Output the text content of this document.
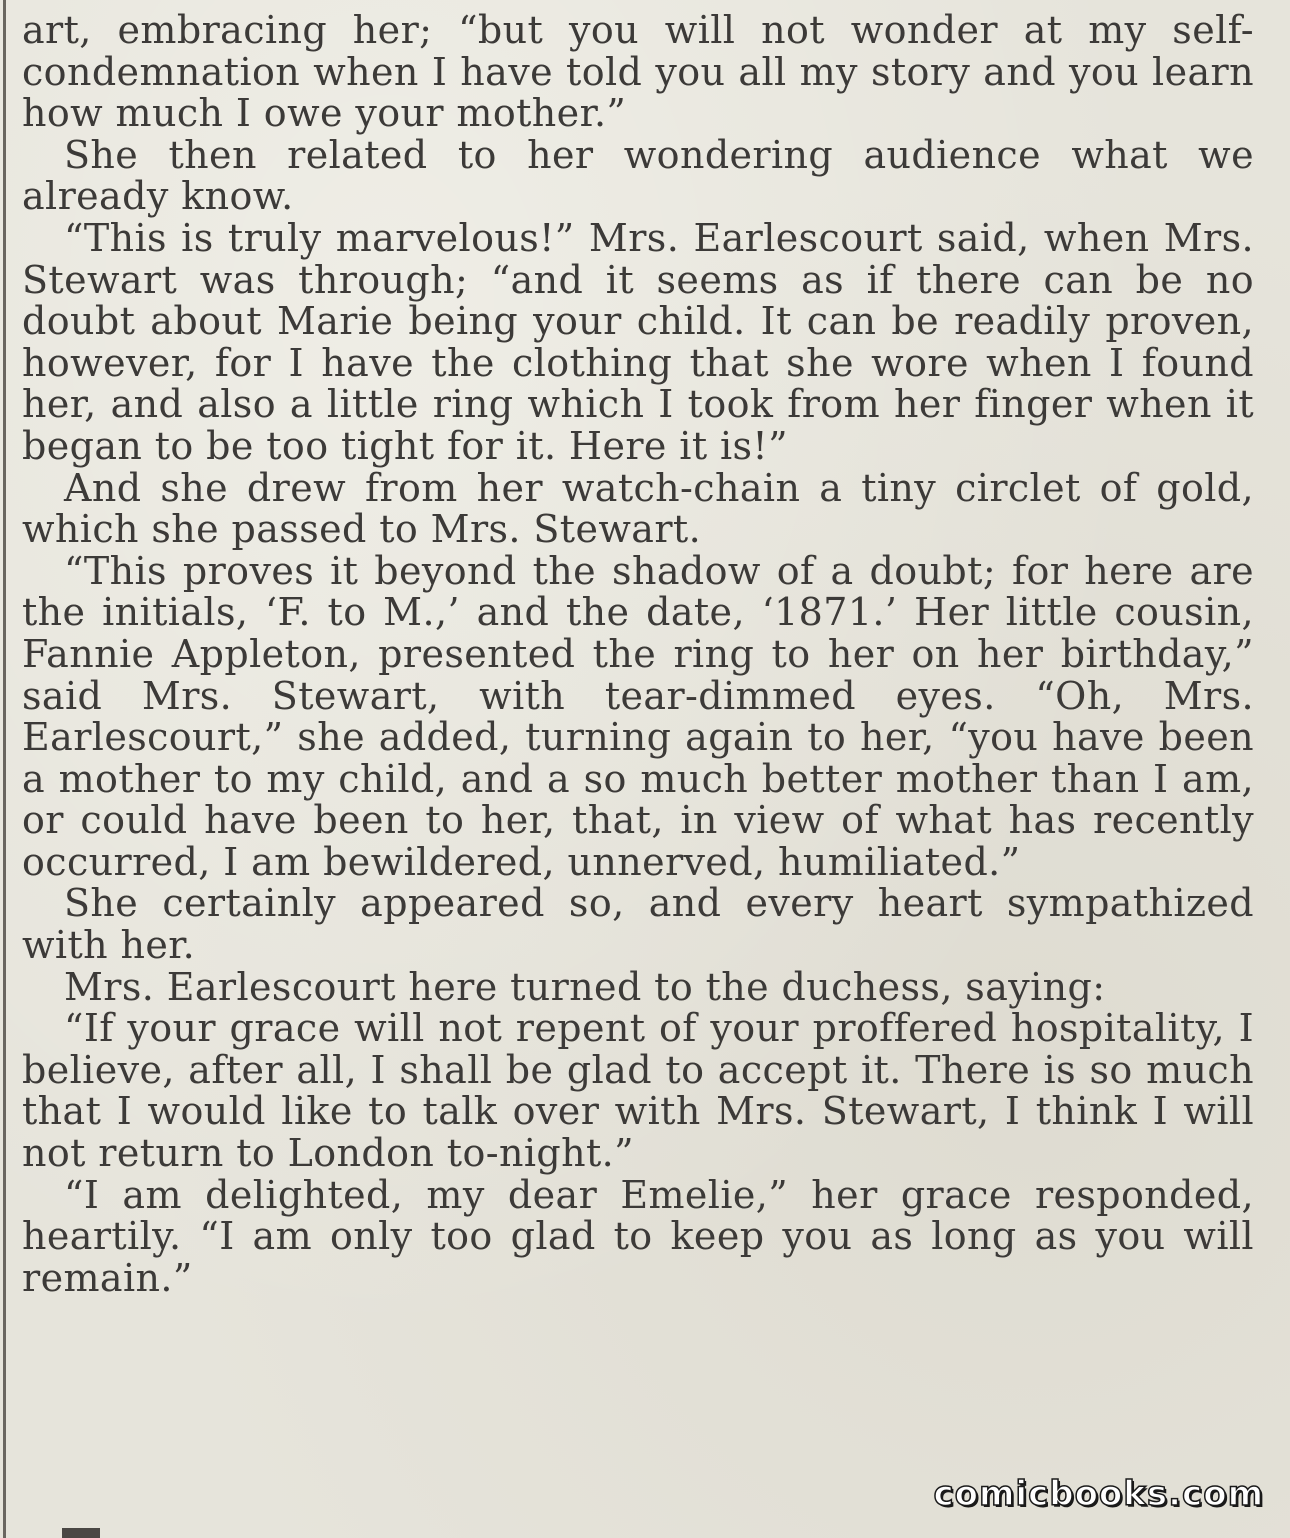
art, embracing her; “but you will not wonder at my self-condemnation when I have told you all my story and you learn how much I owe your mother.”

She then related to her wondering audience what we already know.

“This is truly marvelous!” Mrs. Earlescourt said, when Mrs. Stewart was through; “and it seems as if there can be no doubt about Marie being your child. It can be readily proven, however, for I have the clothing that she wore when I found her, and also a little ring which I took from her finger when it began to be too tight for it. Here it is!”

And she drew from her watch-chain a tiny circlet of gold, which she passed to Mrs. Stewart.

“This proves it beyond the shadow of a doubt; for here are the initials, ‘F. to M.,’ and the date, ‘1871.’ Her little cousin, Fannie Appleton, presented the ring to her on her birthday,” said Mrs. Stewart, with tear-dimmed eyes. “Oh, Mrs. Earlescourt,” she added, turning again to her, “you have been a mother to my child, and a so much better mother than I am, or could have been to her, that, in view of what has recently occurred, I am bewildered, unnerved, humiliated.”

She certainly appeared so, and every heart sympathized with her.

Mrs. Earlescourt here turned to the duchess, saying:

“If your grace will not repent of your proffered hospitality, I believe, after all, I shall be glad to accept it. There is so much that I would like to talk over with Mrs. Stewart, I think I will not return to London to-night.”

“I am delighted, my dear Emelie,” her grace responded, heartily. “I am only too glad to keep you as long as you will remain.”

comicbooks.com
